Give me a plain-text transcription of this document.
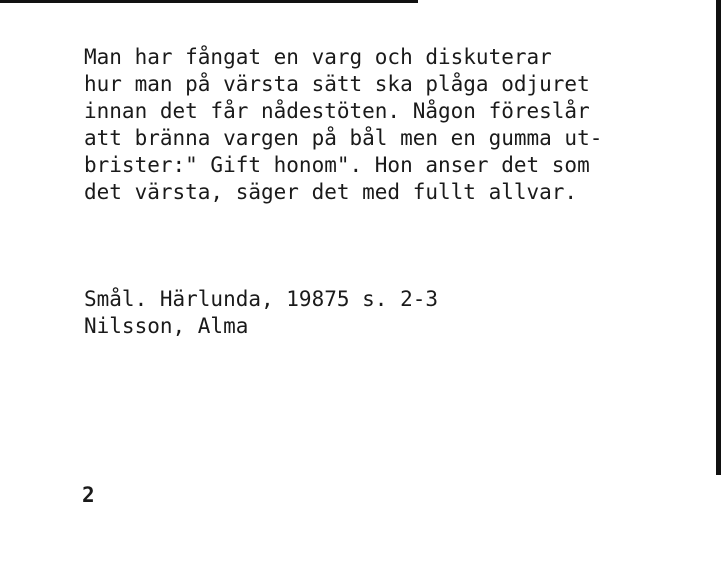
Man har fångat en varg och diskuterar
hur man på värsta sätt ska plåga odjuret
innan det får nådestöten. Någon föreslår
att bränna vargen på bål men en gumma ut-
brister:" Gift honom". Hon anser det som
det värsta, säger det med fullt allvar.
Smål. Härlunda, 19875 s. 2-3
Nilsson, Alma
2
